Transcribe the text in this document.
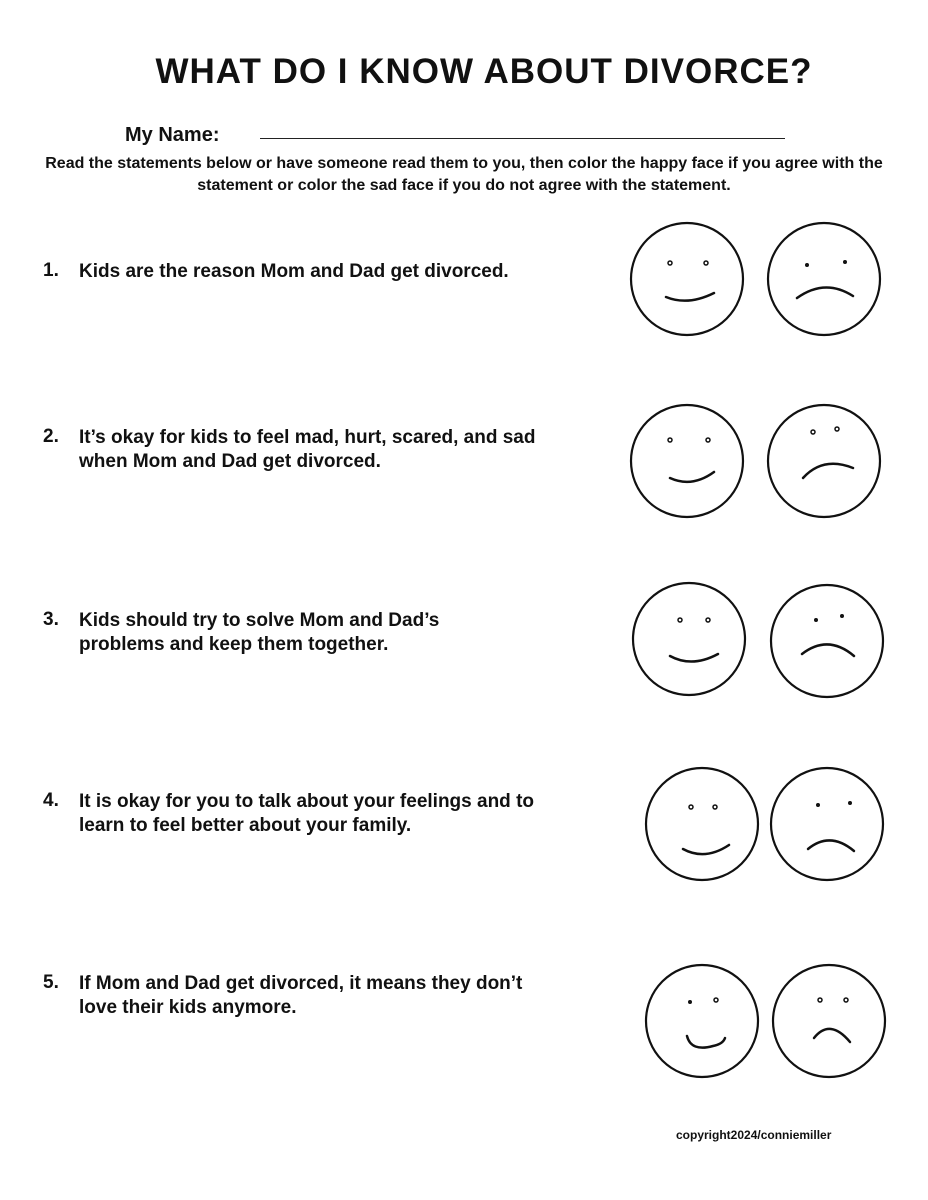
WHAT DO I KNOW ABOUT DIVORCE?
My Name:
Read the statements below or have someone read them to you, then color the happy face if you agree with the statement or color the sad face if you do not agree with the statement.
1. Kids are the reason Mom and Dad get divorced.
2. It’s okay for kids to feel mad, hurt, scared, and sad when Mom and Dad get divorced.
3. Kids should try to solve Mom and Dad’s problems and keep them together.
4. It is okay for you to talk about your feelings and to learn to feel better about your family.
5. If Mom and Dad get divorced, it means they don’t love their kids anymore.
copyright2024/conniemiller
